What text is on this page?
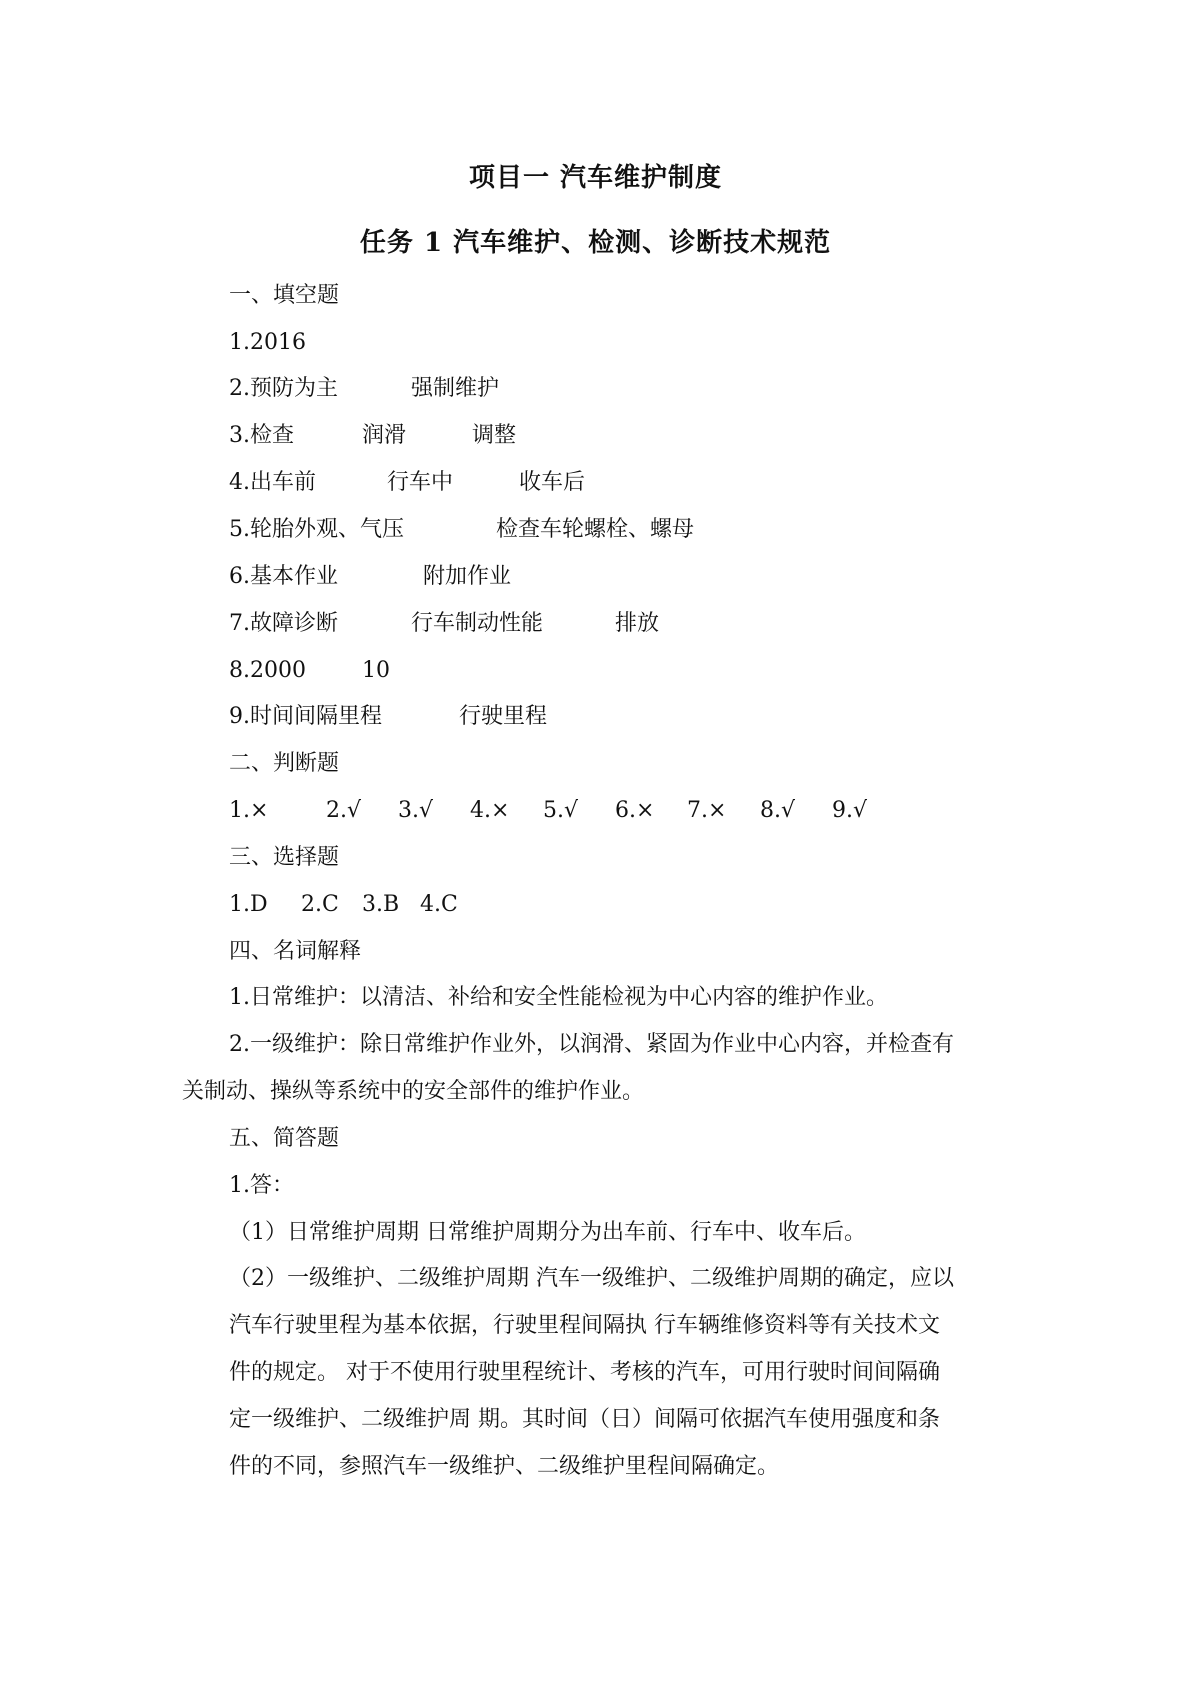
项目一 汽车维护制度
任务 1 汽车维护、检测、诊断技术规范

一、填空题

1.2016

2.预防为主	强制维护

3.检查	润滑	调整

4.出车前	行车中	收车后

5.轮胎外观、气压	检查车轮螺栓、螺母

6.基本作业	附加作业

7.故障诊断	行车制动性能	排放

8.2000	10

9.时间间隔里程	行驶里程

二、判断题

1.×	2.√ 3.√ 4.× 5.√ 6.× 7.× 8.√ 9.√

三、选择题

1.D 2.C 3.B 4.C

四、名词解释

1.日常维护：以清洁、补给和安全性能检视为中心内容的维护作业。

2.一级维护：除日常维护作业外，以润滑、紧固为作业中心内容，并检查有

关制动、操纵等系统中的安全部件的维护作业。

五、简答题

1.答：

（1）日常维护周期 日常维护周期分为出车前、行车中、收车后。

（2）一级维护、二级维护周期 汽车一级维护、二级维护周期的确定，应以

汽车行驶里程为基本依据，行驶里程间隔执 行车辆维修资料等有关技术文

件的规定。 对于不使用行驶里程统计、考核的汽车，可用行驶时间间隔确

定一级维护、二级维护周 期。其时间（日）间隔可依据汽车使用强度和条

件的不同，参照汽车一级维护、二级维护里程间隔确定。
